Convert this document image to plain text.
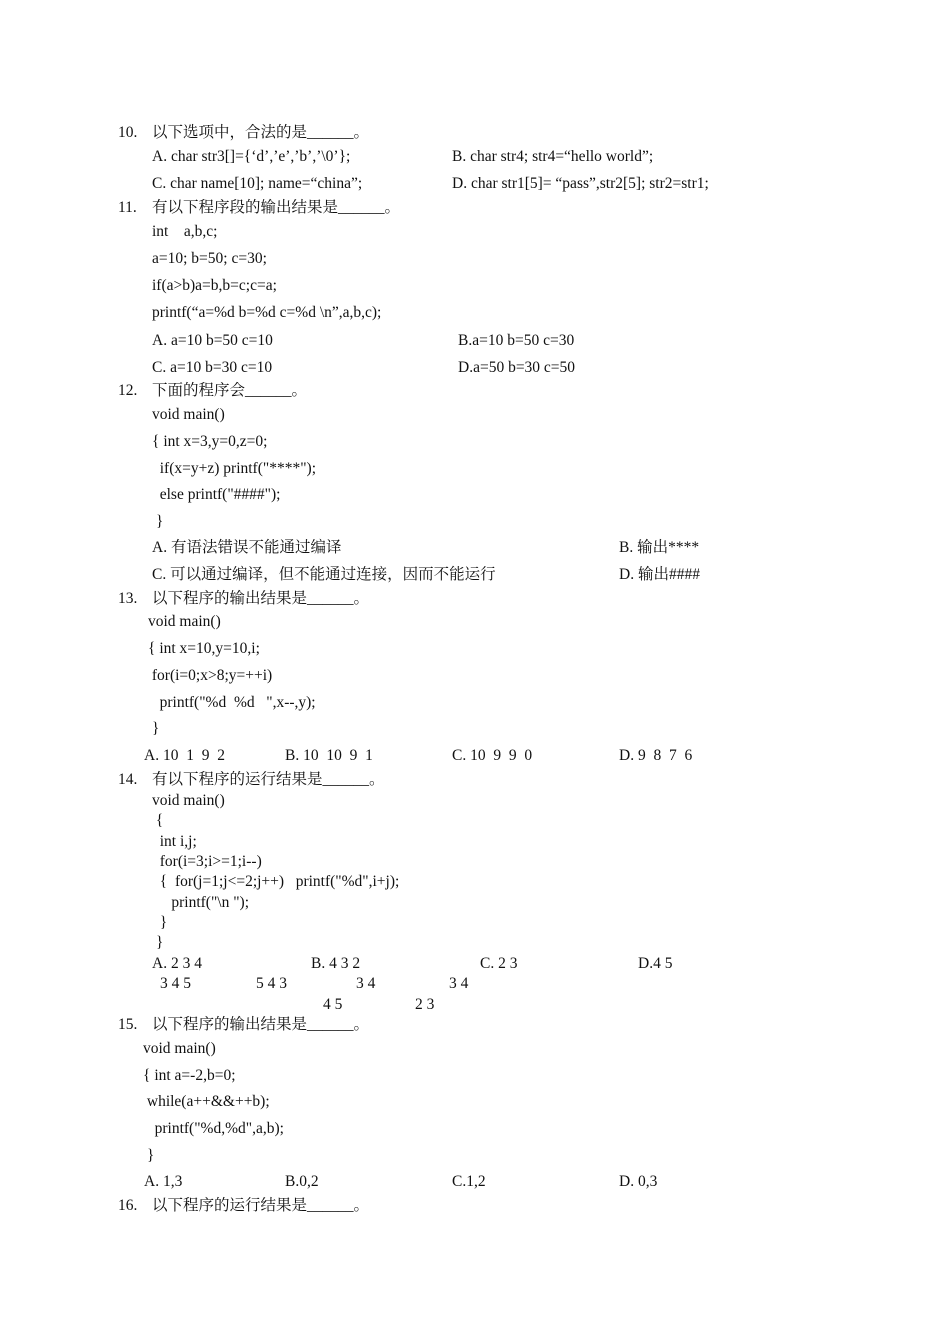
10. 以下选项中，合法的是______。
A. char str3[]={‘d’,’e’,’b’,’\0’};	B. char str4; str4=“hello world”;
C. char name[10]; name=“china”;	D. char str1[5]= “pass”,str2[5]; str2=str1;
11. 有以下程序段的输出结果是______。
int    a,b,c;
a=10; b=50; c=30;
if(a>b)a=b,b=c;c=a;
printf(“a=%d b=%d c=%d \n”,a,b,c);
A. a=10 b=50 c=10	B.a=10 b=50 c=30
C. a=10 b=30 c=10	D.a=50 b=30 c=50
12. 下面的程序会______。
void main()
{ int x=3,y=0,z=0;
if(x=y+z) printf("****");
else printf("####");
}
A. 有语法错误不能通过编译	B. 输出****
C. 可以通过编译，但不能通过连接，因而不能运行	D. 输出####
13. 以下程序的输出结果是______。
void main()
{ int x=10,y=10,i;
for(i=0;x>8;y=++i)
printf("%d  %d   ",x--,y);
}
A. 10  1  9  2	B. 10  10  9  1	C. 10  9  9  0	D. 9  8  7  6
14. 有以下程序的运行结果是______。
void main()
{
int i,j;
for(i=3;i>=1;i--)
{  for(j=1;j<=2;j++)   printf("%d",i+j);
printf("\n ");
}
}
A. 2 3 4	B. 4 3 2	C. 2 3	D.4 5
3 4 5	5 4 3	3 4	3 4
4 5	2 3
15. 以下程序的输出结果是______。
void main()
{ int a=-2,b=0;
while(a++&&++b);
printf("%d,%d",a,b);
}
A. 1,3	B.0,2	C.1,2	D. 0,3
16. 以下程序的运行结果是______。
